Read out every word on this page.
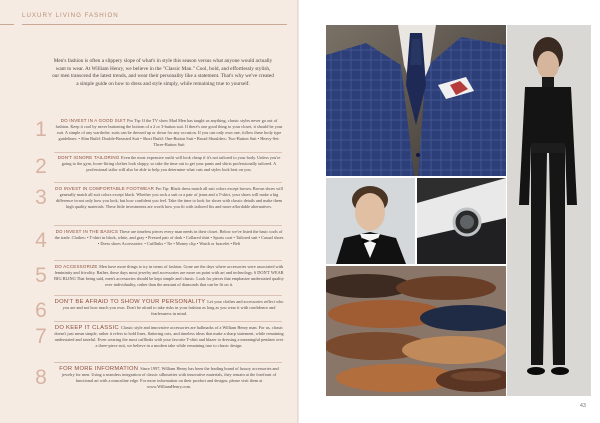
LUXURY LIVING FASHION
Men's fashion is often a slippery slope of what's in style this season versus what anyone would actually want to wear. At William Henry, we believe in the "Classic Man." Cool, bold, and effortlessly stylish, our men transcend the latest trends, and wear their personality like a statement. That's why we've created a simple guide on how to dress and style simply, while remaining true to yourself.
1	DO INVEST IN A GOOD SUIT Pro Tip: If the TV show Mad Men has taught us anything, classic styles never go out of fashion. Keep it cool by never buttoning the bottom of a 2 or 3-button suit. If there's one good thing to your closet, it should be your suit. A simple of any wardrobe, suits can be dressed up or down for any occasion. If you can only own one, follow these body type guidelines: • Slim Build: Double-Breasted Suit • Short Build: One-Button Suit • Broad Shoulders: Two-Button Suit • Heavy-Set: Three-Button Suit
2	DON'T IGNORE TAILORING Even the most expensive outfit will look cheap if it's not tailored to your body. Unless you're going to the gym, loose-fitting clothes look sloppy, so take the time out to get your pants and shirts professionally tailored. A professional tailor will also be able to help you determine what cuts and styles look best on you.
3	DO INVEST IN COMFORTABLE FOOTWEAR Pro Tip: Black dress match all suit colors except brown. Brown shoes will generally match all suit colors except black. Whether you rock a suit or a pair of jeans and a T-shirt, your shoes will make a big difference in not only how you look, but how confident you feel. Take the time to look for shoes with classic details and make them high quality materials. These little investments are worth how you fit with tailored fits and more affordable alternatives.
4	DO INVEST IN THE BASICS These are timeless pieces every man needs in their closet. Below we've listed the basic tools of the trade. Clothes: • T-shirt in black, white, and gray • Pressed pair of dark • Collared shirt • Sports coat • Tailored suit • Casual shoes • Dress shoes Accessories: • Cufflinks • Tie • Money clip • Watch or bracelet • Belt
5	DO ACCESSORIZE Men have more things to try in terms of fashion. Gone are the days where accessories were associated with femininity and frivolity. Rather, these days most jewelry and accessories are more on point with art and technology. 6 DON'T WEAR BIG BLING That being said, men's accessories should be kept simple and classic. Look for pieces that emphasize understated quality over individuality, rather than the amount of diamonds that can be fit on it.
6	DON'T BE AFRAID TO SHOW YOUR PERSONALITY Let your clothes and accessories reflect who you are and not how much you own. Don't be afraid to take risks in your fashion as long as you wear it with confidence and fearlessness in mind.
7	DO KEEP IT CLASSIC Classic style and innovative accessories are hallmarks of a William Henry man. For us, classic doesn't just mean simple, rather it refers to bold lines, flattering cuts, and timeless ideas that make a sharp statement, while remaining understated and tasteful. Even wearing the most cufflinks with your favorite T-shirt and blazer to dressing a meaningful pendant over a three-piece suit, we believe in a modern take while remaining true to classic design.
8	FOR MORE INFORMATION Since 1997, William Henry has been the leading brand of luxury accessories and jewelry for men. Using a seamless integration of classic silhouettes with innovative materials, they remain at the forefront of functional art with a masculine edge. For more information on their product and designs, please visit them at www.WilliamHenry.com.
43
